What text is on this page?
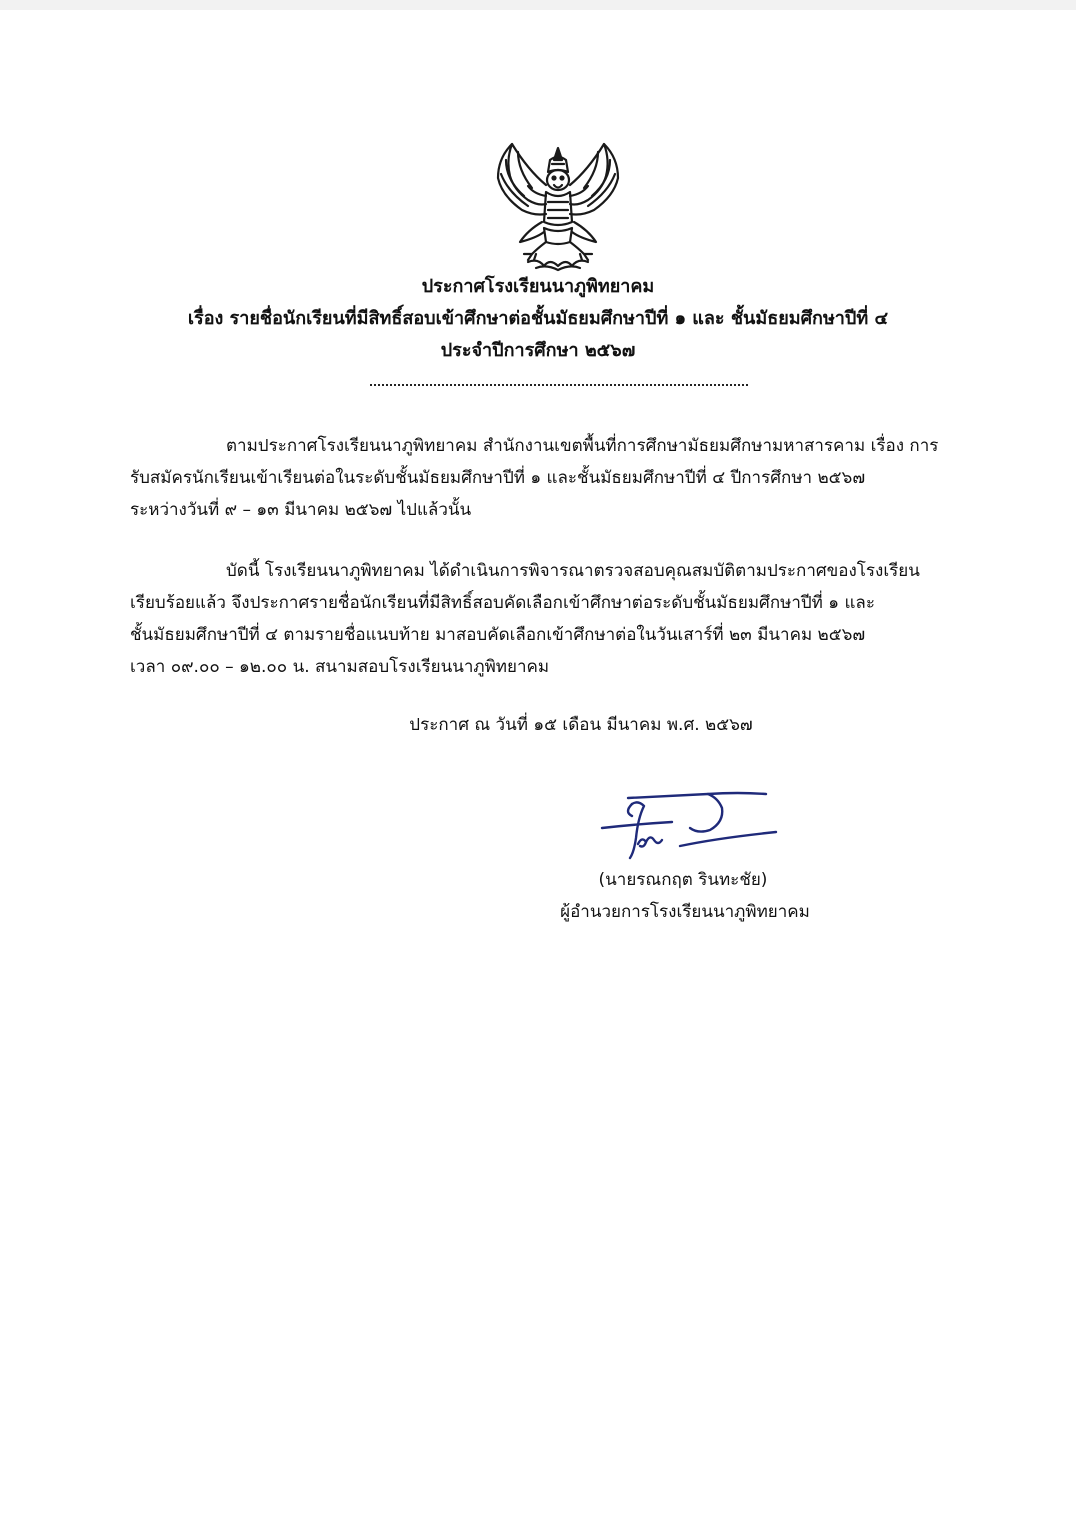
ประกาศโรงเรียนนาภูพิทยาคม
เรื่อง รายชื่อนักเรียนที่มีสิทธิ์สอบเข้าศึกษาต่อชั้นมัธยมศึกษาปีที่ ๑ และ ชั้นมัธยมศึกษาปีที่ ๔
ประจำปีการศึกษา ๒๕๖๗
ตามประกาศโรงเรียนนาภูพิทยาคม สำนักงานเขตพื้นที่การศึกษามัธยมศึกษามหาสารคาม เรื่อง การ
รับสมัครนักเรียนเข้าเรียนต่อในระดับชั้นมัธยมศึกษาปีที่ ๑ และชั้นมัธยมศึกษาปีที่ ๔ ปีการศึกษา ๒๕๖๗
ระหว่างวันที่ ๙ – ๑๓ มีนาคม ๒๕๖๗ ไปแล้วนั้น
บัดนี้ โรงเรียนนาภูพิทยาคม ได้ดำเนินการพิจารณาตรวจสอบคุณสมบัติตามประกาศของโรงเรียน
เรียบร้อยแล้ว จึงประกาศรายชื่อนักเรียนที่มีสิทธิ์สอบคัดเลือกเข้าศึกษาต่อระดับชั้นมัธยมศึกษาปีที่ ๑ และ
ชั้นมัธยมศึกษาปีที่ ๔ ตามรายชื่อแนบท้าย มาสอบคัดเลือกเข้าศึกษาต่อในวันเสาร์ที่ ๒๓ มีนาคม ๒๕๖๗
เวลา ๐๙.๐๐ – ๑๒.๐๐ น. สนามสอบโรงเรียนนาภูพิทยาคม
ประกาศ ณ วันที่ ๑๕ เดือน มีนาคม พ.ศ. ๒๕๖๗
(นายรณกฤต รินทะชัย)
ผู้อำนวยการโรงเรียนนาภูพิทยาคม
